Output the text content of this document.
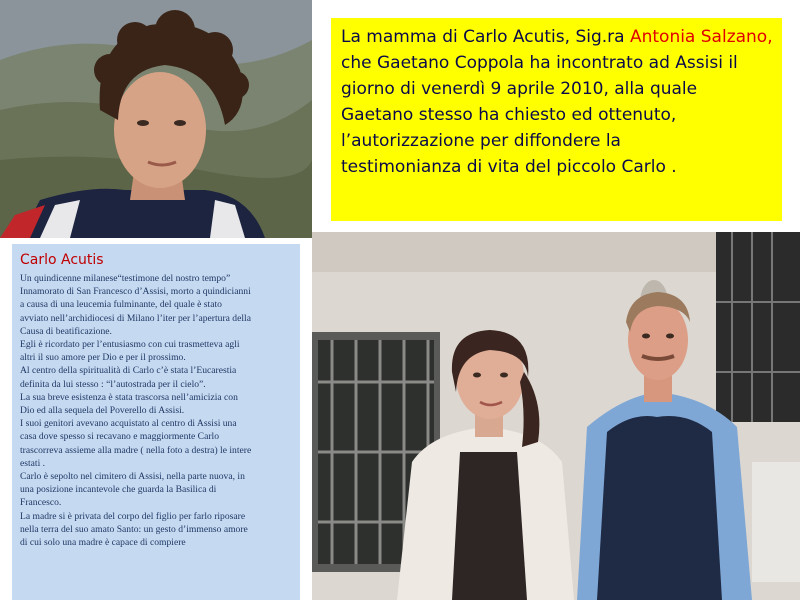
La mamma di Carlo Acutis, Sig.ra Antonia Salzano,
che Gaetano Coppola ha incontrato ad Assisi il
giorno di venerdì 9 aprile 2010, alla quale
Gaetano stesso ha chiesto ed ottenuto,
l’autorizzazione per diffondere la
testimonianza di vita del piccolo Carlo .
Carlo Acutis
Un quindicenne milanese“testimone del nostro tempo”
Innamorato di San Francesco d’Assisi, morto a quindicianni
a causa di una leucemia fulminante, del quale è stato
avviato nell’archidiocesi di Milano l’iter per l’apertura della
Causa di beatificazione.
Egli è ricordato per l’entusiasmo con cui trasmetteva agli
altri il suo amore per Dio e per il prossimo.
Al centro della spiritualità di Carlo c’è stata l’Eucarestia
definita da lui stesso : “l’autostrada per il cielo”.
La sua breve esistenza è stata trascorsa nell’amicizia con
Dio ed alla sequela del Poverello di Assisi.
I suoi genitori avevano acquistato al centro di Assisi una
casa dove spesso si recavano e maggiormente Carlo
trascorreva assieme alla madre ( nella foto a destra) le intere
estati .
Carlo è sepolto nel cimitero di Assisi, nella parte nuova, in
una posizione incantevole che guarda la Basilica di
Francesco.
La madre si è privata del corpo del figlio per farlo riposare
nella terra del suo amato Santo: un gesto d’immenso amore
di cui solo una madre è capace di compiere
